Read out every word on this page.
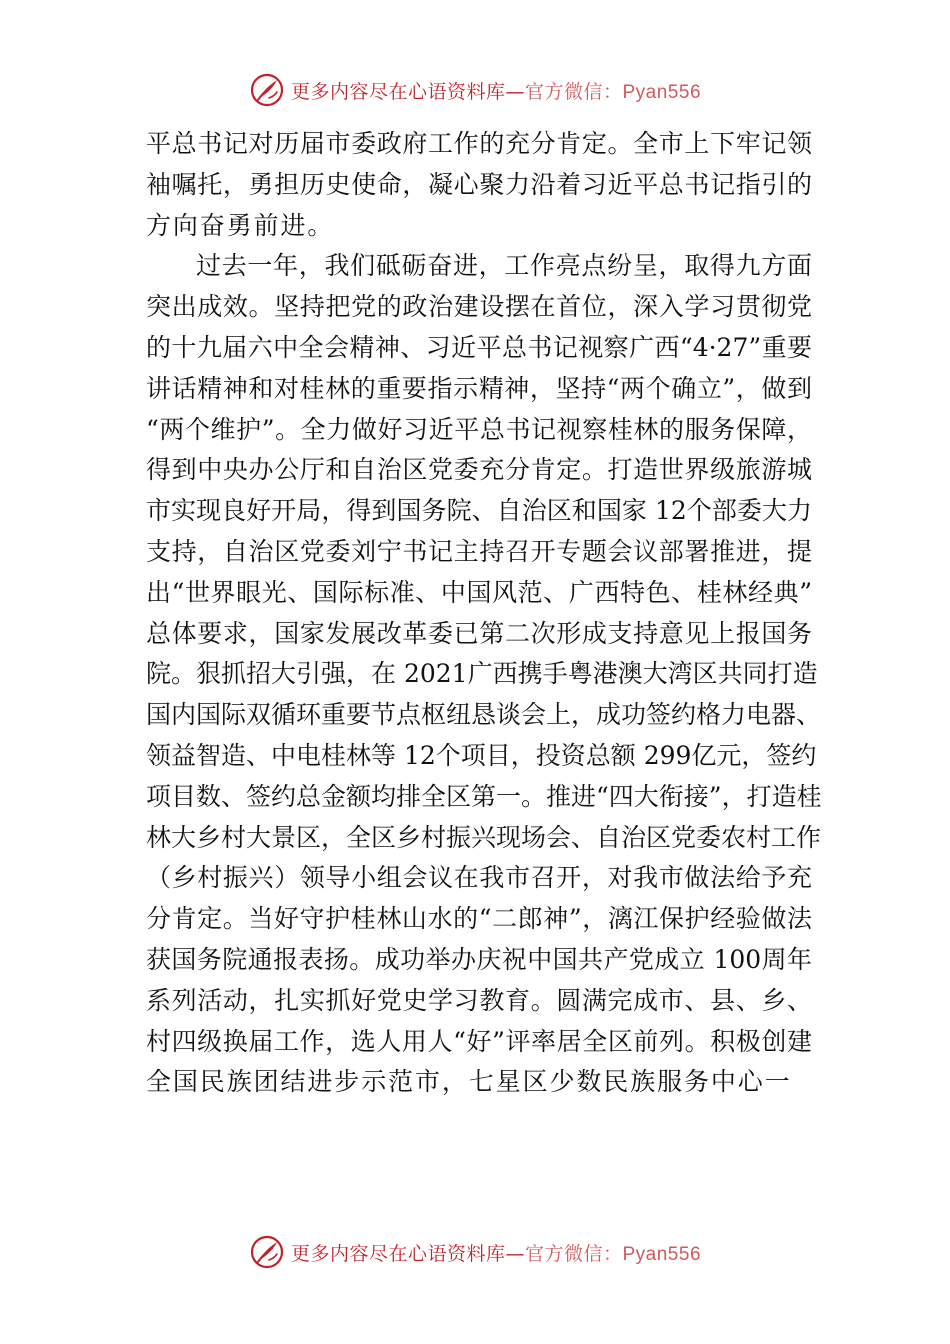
更多内容尽在心语资料库—官方微信：Pyan556
平总书记对历届市委政府工作的充分肯定。全市上下牢记领
袖嘱托，勇担历史使命，凝心聚力沿着习近平总书记指引的
方向奋勇前进。
过去一年，我们砥砺奋进，工作亮点纷呈，取得九方面
突出成效。坚持把党的政治建设摆在首位，深入学习贯彻党
的十九届六中全会精神、习近平总书记视察广西“4·27”重要
讲话精神和对桂林的重要指示精神，坚持“两个确立”，做到
“两个维护”。全力做好习近平总书记视察桂林的服务保障，
得到中央办公厅和自治区党委充分肯定。打造世界级旅游城
市实现良好开局，得到国务院、自治区和国家 12个部委大力
支持，自治区党委刘宁书记主持召开专题会议部署推进，提
出“世界眼光、国际标准、中国风范、广西特色、桂林经典”
总体要求，国家发展改革委已第二次形成支持意见上报国务
院。狠抓招大引强，在 2021广西携手粤港澳大湾区共同打造
国内国际双循环重要节点枢纽恳谈会上，成功签约格力电器、
领益智造、中电桂林等 12个项目，投资总额 299亿元，签约
项目数、签约总金额均排全区第一。推进“四大衔接”，打造桂
林大乡村大景区，全区乡村振兴现场会、自治区党委农村工作
（乡村振兴）领导小组会议在我市召开，对我市做法给予充
分肯定。当好守护桂林山水的“二郎神”，漓江保护经验做法
获国务院通报表扬。成功举办庆祝中国共产党成立 100周年
系列活动，扎实抓好党史学习教育。圆满完成市、县、乡、
村四级换届工作，选人用人“好”评率居全区前列。积极创建
全国民族团结进步示范市，七星区少数民族服务中心一
更多内容尽在心语资料库—官方微信：Pyan556
